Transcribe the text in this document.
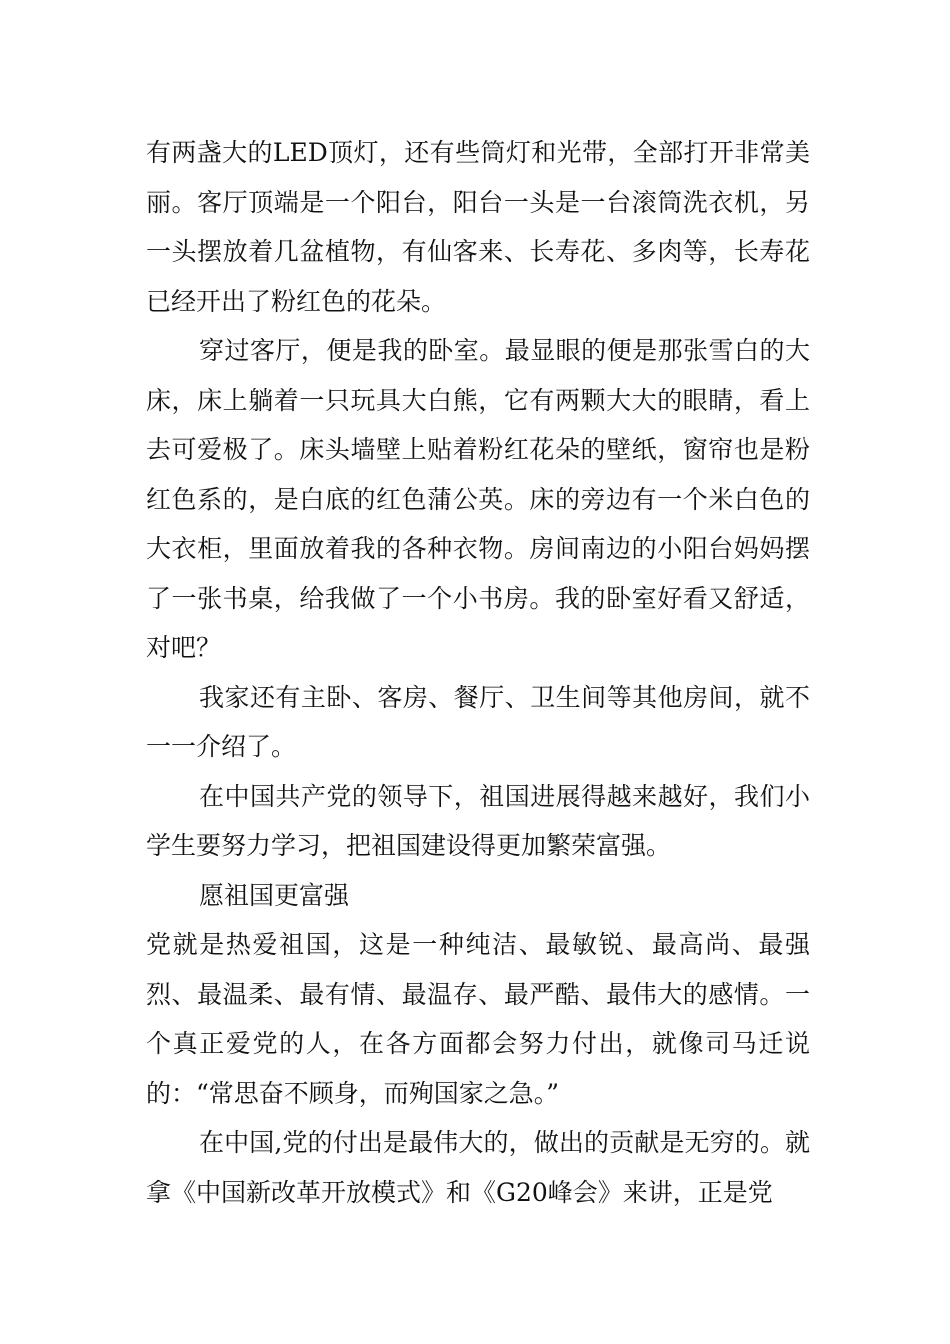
有两盏大的LED顶灯，还有些筒灯和光带，全部打开非常美丽。客厅顶端是一个阳台，阳台一头是一台滚筒洗衣机，另一头摆放着几盆植物，有仙客来、长寿花、多肉等，长寿花已经开出了粉红色的花朵。

穿过客厅，便是我的卧室。最显眼的便是那张雪白的大床，床上躺着一只玩具大白熊，它有两颗大大的眼睛，看上去可爱极了。床头墙壁上贴着粉红花朵的壁纸，窗帘也是粉红色系的，是白底的红色蒲公英。床的旁边有一个米白色的大衣柜，里面放着我的各种衣物。房间南边的小阳台妈妈摆了一张书桌，给我做了一个小书房。我的卧室好看又舒适，对吧？

我家还有主卧、客房、餐厅、卫生间等其他房间，就不一一介绍了。

在中国共产党的领导下，祖国进展得越来越好，我们小学生要努力学习，把祖国建设得更加繁荣富强。

愿祖国更富强

党就是热爱祖国，这是一种纯洁、最敏锐、最高尚、最强烈、最温柔、最有情、最温存、最严酷、最伟大的感情。一个真正爱党的人，在各方面都会努力付出，就像司马迁说的：“常思奋不顾身，而殉国家之急。”

在中国,党的付出是最伟大的，做出的贡献是无穷的。就拿《中国新改革开放模式》和《G20峰会》来讲，正是党
